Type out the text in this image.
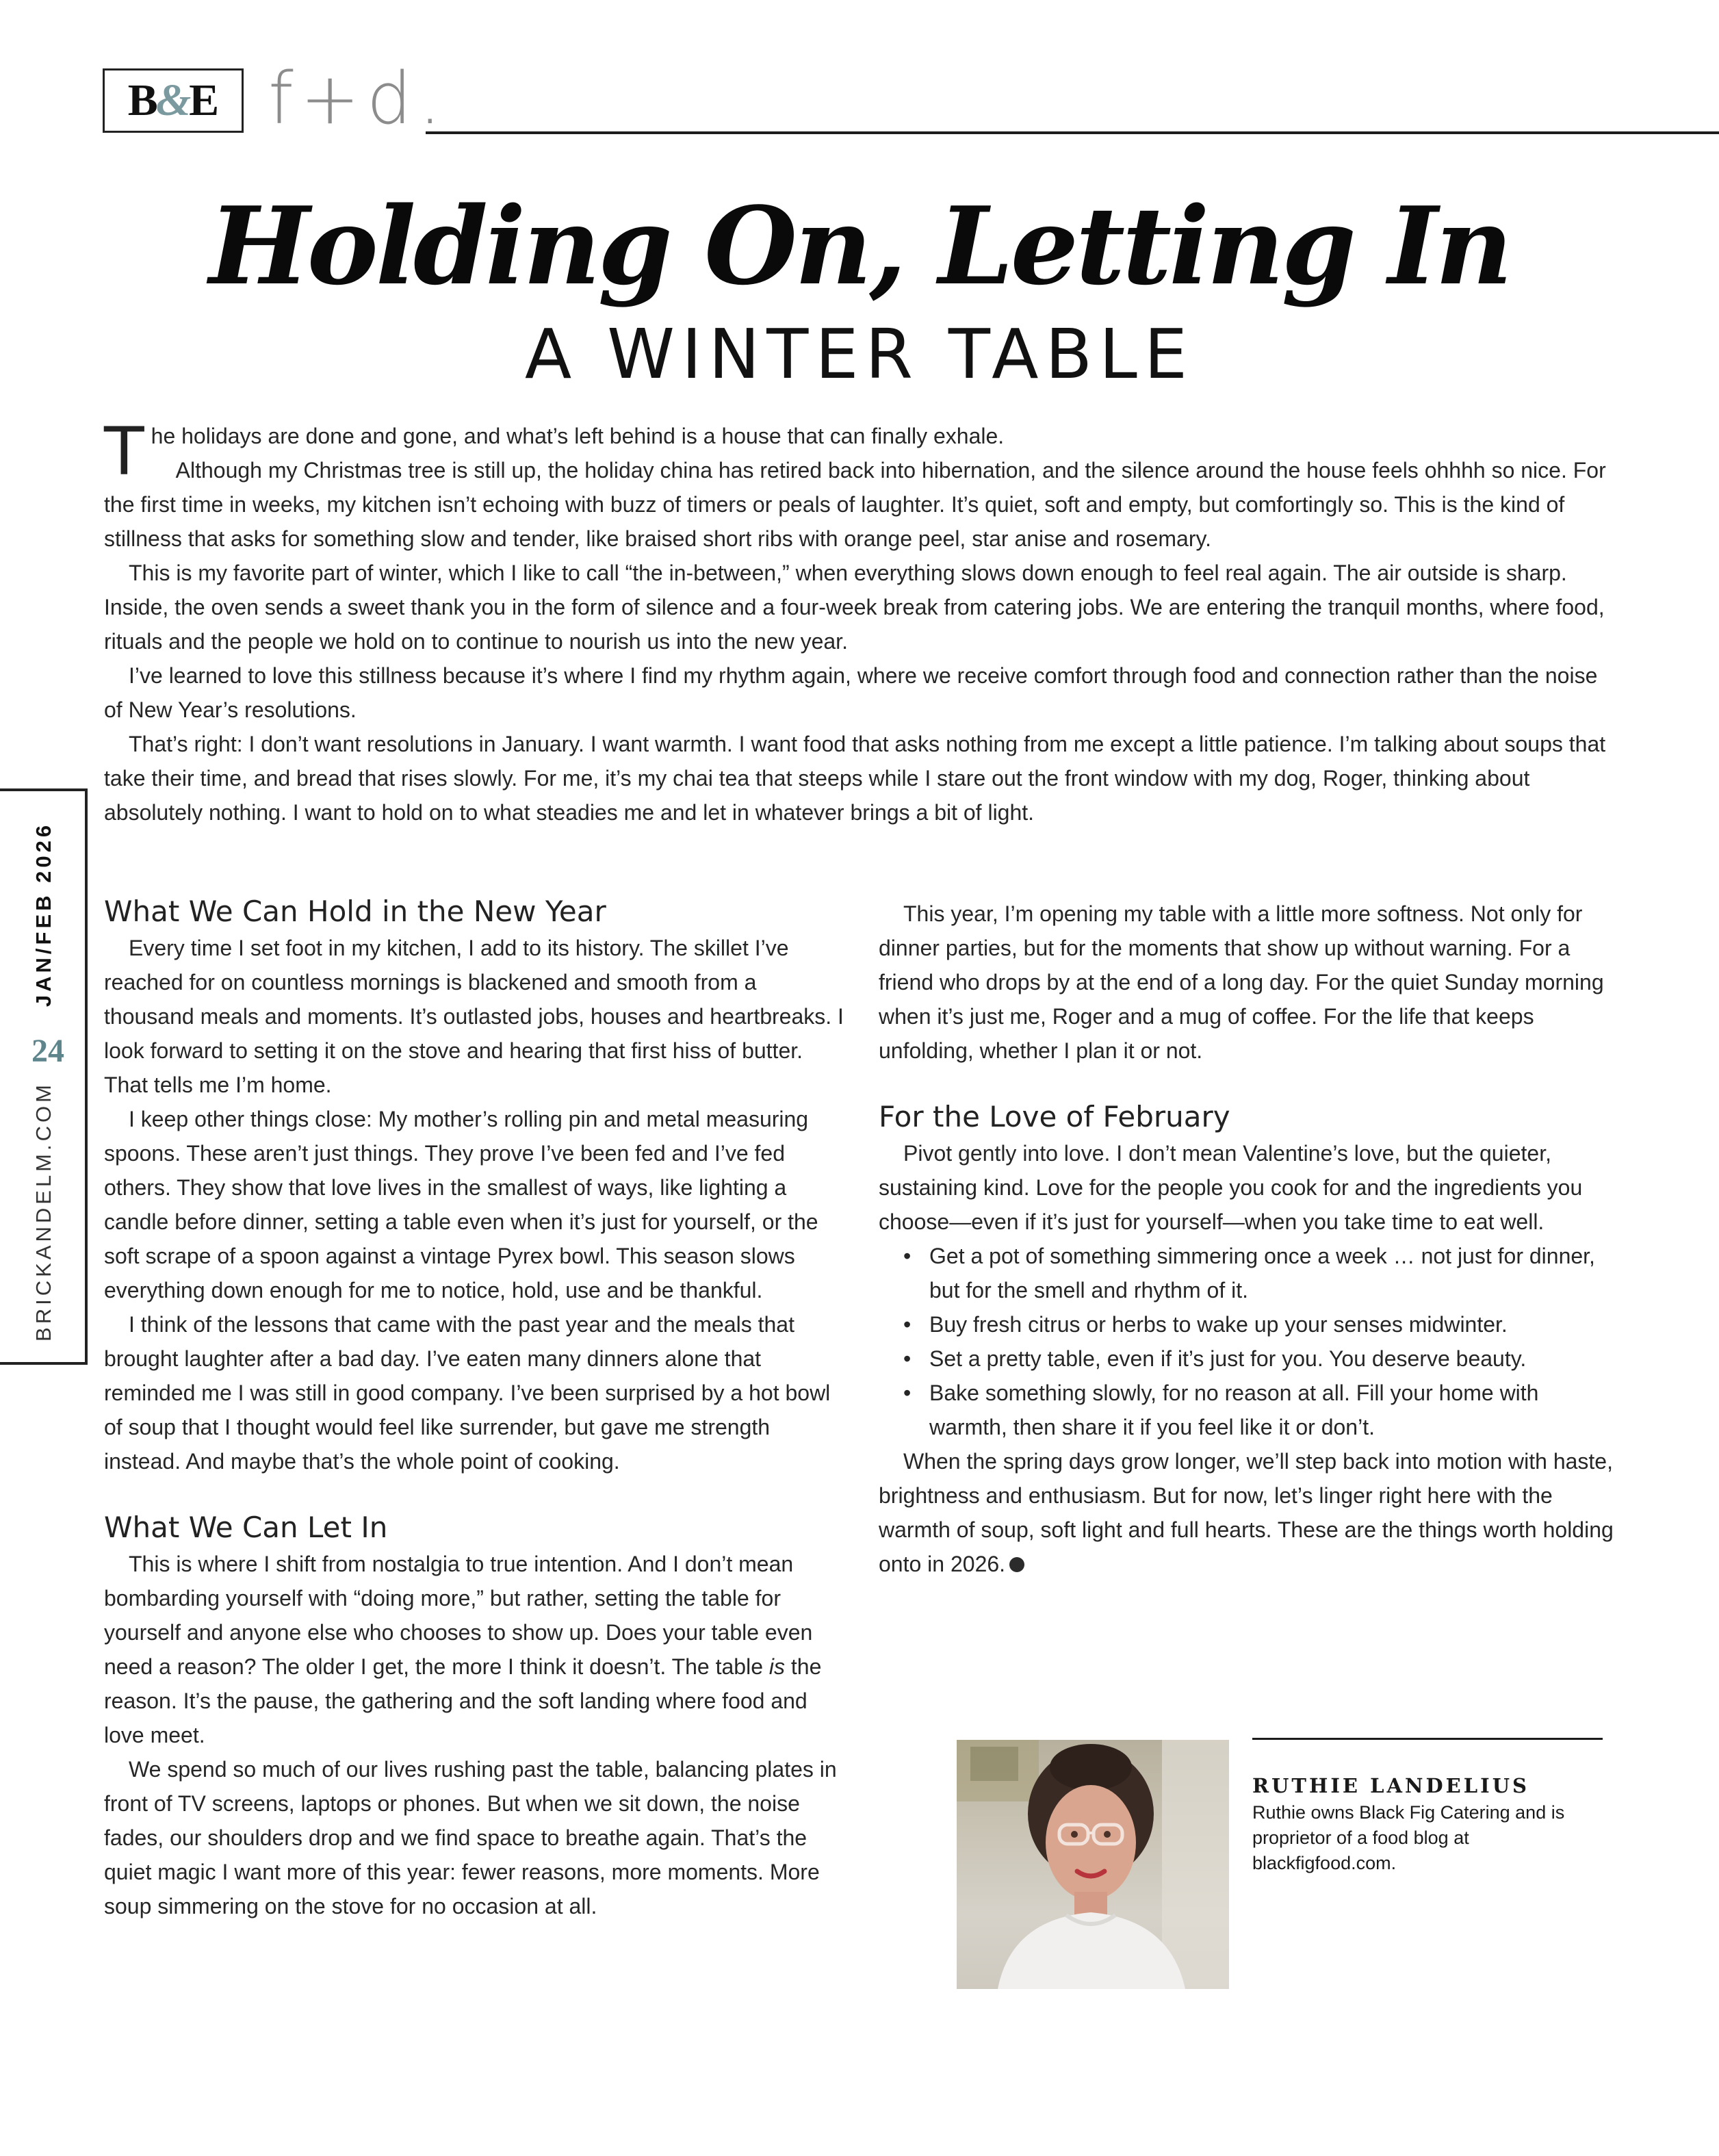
B
&
E f+d.
Holding On, Letting In
A WINTER TABLE

The holidays are done and gone, and what’s left behind is a house that can finally exhale.

Although my Christmas tree is still up, the holiday china has retired back into hibernation, and the silence around the house feels ohhhh so nice. For the first time in weeks, my kitchen isn’t echoing with buzz of timers or peals of laughter. It’s quiet, soft and empty, but comfortingly so. This is the kind of stillness that asks for something slow and tender, like braised short ribs with orange peel, star anise and rosemary.

This is my favorite part of winter, which I like to call “the in-between,” when everything slows down enough to feel real again. The air outside is sharp. Inside, the oven sends a sweet thank you in the form of silence and a four-week break from catering jobs. We are entering the tranquil months, where food, rituals and the people we hold on to continue to nourish us into the new year.

I’ve learned to love this stillness because it’s where I find my rhythm again, where we receive comfort through food and connection rather than the noise of New Year’s resolutions.

That’s right: I don’t want resolutions in January. I want warmth. I want food that asks nothing from me except a little patience. I’m talking about soups that take their time, and bread that rises slowly. For me, it’s my chai tea that steeps while I stare out the front window with my dog, Roger, thinking about absolutely nothing. I want to hold on to what steadies me and let in whatever brings a bit of light.

JAN/FEB 2026
24
BRICKANDELM.COM
What We Can Hold in the New Year

Every time I set foot in my kitchen, I add to its history. The skillet I’ve reached for on countless mornings is blackened and smooth from a thousand meals and moments. It’s outlasted jobs, houses and heartbreaks. I look forward to setting it on the stove and hearing that first hiss of butter. That tells me I’m home.

I keep other things close: My mother’s rolling pin and metal measuring spoons. These aren’t just things. They prove I’ve been fed and I’ve fed others. They show that love lives in the smallest of ways, like lighting a candle before dinner, setting a table even when it’s just for yourself, or the soft scrape of a spoon against a vintage Pyrex bowl. This season slows everything down enough for me to notice, hold, use and be thankful.

I think of the lessons that came with the past year and the meals that brought laughter after a bad day. I’ve eaten many dinners alone that reminded me I was still in good company. I’ve been surprised by a hot bowl of soup that I thought would feel like surrender, but gave me strength instead. And maybe that’s the whole point of cooking.

What We Can Let In

This is where I shift from nostalgia to true intention. And I don’t mean bombarding yourself with “doing more,” but rather, setting the table for yourself and anyone else who chooses to show up. Does your table even need a reason? The older I get, the more I think it doesn’t. The table is the reason. It’s the pause, the gathering and the soft landing where food and love meet.

We spend so much of our lives rushing past the table, balancing plates in front of TV screens, laptops or phones. But when we sit down, the noise fades, our shoulders drop and we find space to breathe again. That’s the quiet magic I want more of this year: fewer reasons, more moments. More soup simmering on the stove for no occasion at all.

This year, I’m opening my table with a little more softness. Not only for dinner parties, but for the moments that show up without warning. For a friend who drops by at the end of a long day. For the quiet Sunday morning when it’s just me, Roger and a mug of coffee. For the life that keeps unfolding, whether I plan it or not.

For the Love of February

Pivot gently into love. I don’t mean Valentine’s love, but the quieter, sustaining kind. Love for the people you cook for and the ingredients you choose—even if it’s just for yourself—when you take time to eat well.

• Get a pot of something simmering once a week … not just for dinner, but for the smell and rhythm of it.
• Buy fresh citrus or herbs to wake up your senses midwinter.
• Set a pretty table, even if it’s just for you. You deserve beauty.
• Bake something slowly, for no reason at all. Fill your home with warmth, then share it if you feel like it or don’t.

When the spring days grow longer, we’ll step back into motion with haste, brightness and enthusiasm. But for now, let’s linger right here with the warmth of soup, soft light and full hearts. These are the things worth holding onto in 2026.

RUTHIE LANDELIUS
Ruthie owns Black Fig Catering and is proprietor of a food blog at blackfigfood.com.
